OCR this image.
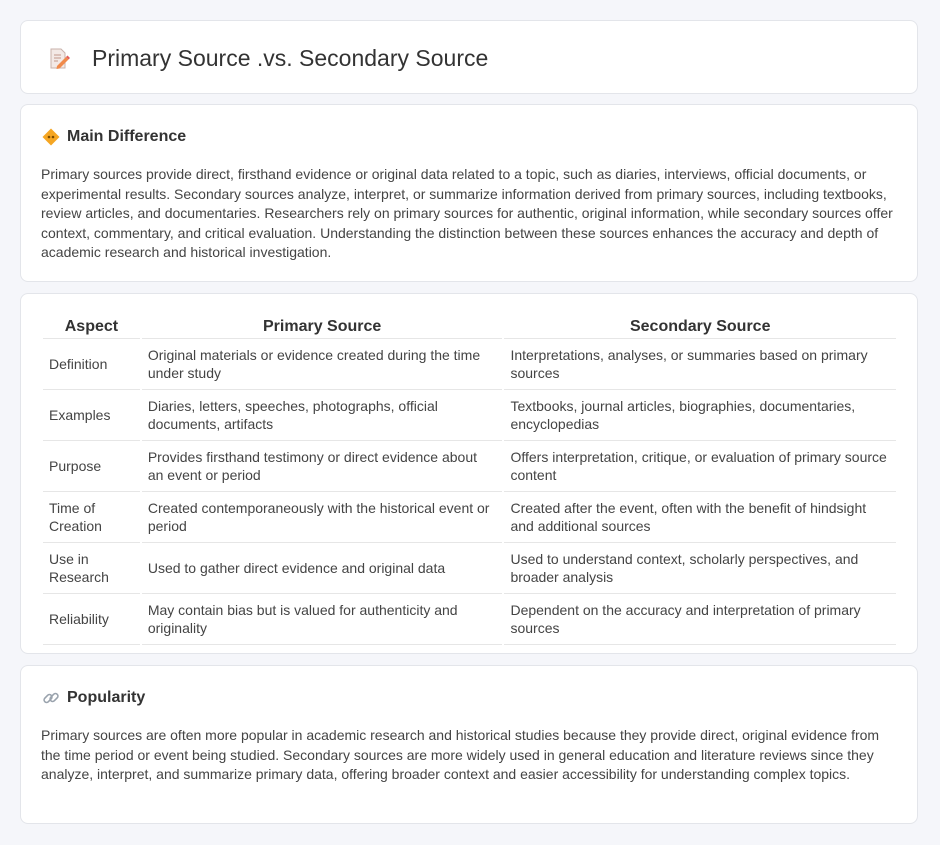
Primary Source .vs. Secondary Source
Main Difference

Primary sources provide direct, firsthand evidence or original data related to a topic, such as diaries, interviews, official documents, or experimental results. Secondary sources analyze, interpret, or summarize information derived from primary sources, including textbooks, review articles, and documentaries. Researchers rely on primary sources for authentic, original information, while secondary sources offer context, commentary, and critical evaluation. Understanding the distinction between these sources enhances the accuracy and depth of academic research and historical investigation.

Aspect	Primary Source	Secondary Source
Definition	Original materials or evidence created during the time under study	Interpretations, analyses, or summaries based on primary sources
Examples	Diaries, letters, speeches, photographs, official documents, artifacts	Textbooks, journal articles, biographies, documentaries, encyclopedias
Purpose	Provides firsthand testimony or direct evidence about an event or period	Offers interpretation, critique, or evaluation of primary source content
Time of Creation	Created contemporaneously with the historical event or period	Created after the event, often with the benefit of hindsight and additional sources
Use in Research	Used to gather direct evidence and original data	Used to understand context, scholarly perspectives, and broader analysis
Reliability	May contain bias but is valued for authenticity and originality	Dependent on the accuracy and interpretation of primary sources
Popularity

Primary sources are often more popular in academic research and historical studies because they provide direct, original evidence from the time period or event being studied. Secondary sources are more widely used in general education and literature reviews since they analyze, interpret, and summarize primary data, offering broader context and easier accessibility for understanding complex topics.
